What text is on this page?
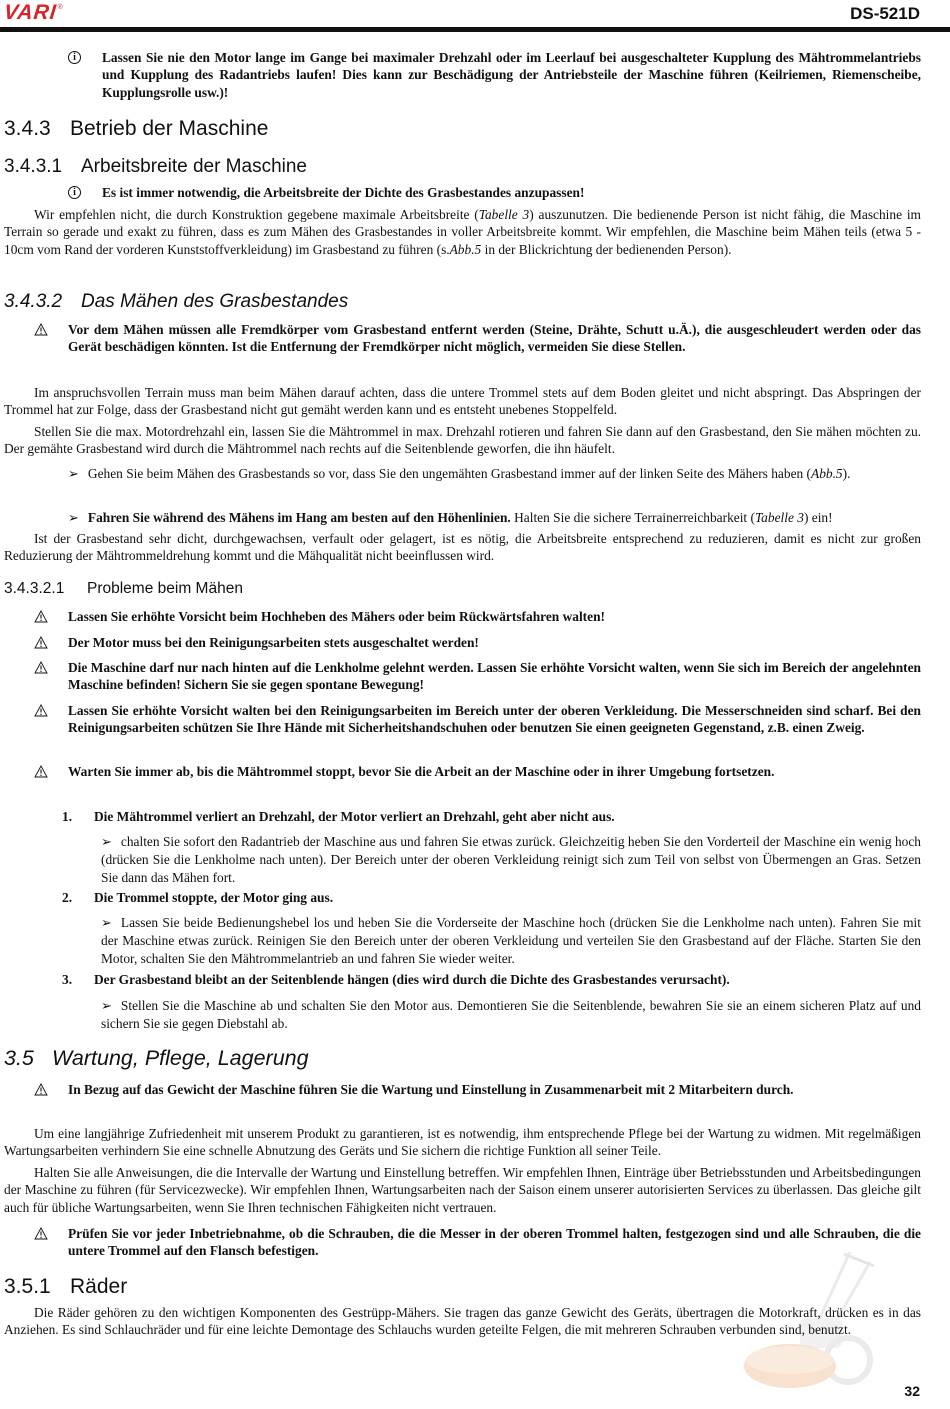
VARI ®	DS-521D
i	Lassen Sie nie den Motor lange im Gange bei maximaler Drehzahl oder im Leerlauf bei ausgeschalteter Kupplung des Mähtrommelantriebs und Kupplung des Radantriebs laufen! Dies kann zur Beschädigung der Antriebsteile der Maschine führen (Keilriemen, Riemenscheibe, Kupplungsrolle usw.)!
3.4.3 Betrieb der Maschine
3.4.3.1 Arbeitsbreite der Maschine
i	Es ist immer notwendig, die Arbeitsbreite der Dichte des Grasbestandes anzupassen!
Wir empfehlen nicht, die durch Konstruktion gegebene maximale Arbeitsbreite (Tabelle 3) auszunutzen. Die bedienende Person ist nicht fähig, die Maschine im Terrain so gerade und exakt zu führen, dass es zum Mähen des Grasbestandes in voller Arbeitsbreite kommt. Wir empfehlen, die Maschine beim Mähen teils (etwa 5 - 10cm vom Rand der vorderen Kunststoffverkleidung) im Grasbestand zu führen (s.Abb.5 in der Blickrichtung der bedienenden Person).
3.4.3.2 Das Mähen des Grasbestandes
Vor dem Mähen müssen alle Fremdkörper vom Grasbestand entfernt werden (Steine, Drähte, Schutt u.Ä.), die ausgeschleudert werden oder das Gerät beschädigen könnten. Ist die Entfernung der Fremdkörper nicht möglich, vermeiden Sie diese Stellen.
Im anspruchsvollen Terrain muss man beim Mähen darauf achten, dass die untere Trommel stets auf dem Boden gleitet und nicht abspringt. Das Abspringen der Trommel hat zur Folge, dass der Grasbestand nicht gut gemäht werden kann und es entsteht unebenes Stoppelfeld.
Stellen Sie die max. Motordrehzahl ein, lassen Sie die Mähtrommel in max. Drehzahl rotieren und fahren Sie dann auf den Grasbestand, den Sie mähen möchten zu. Der gemähte Grasbestand wird durch die Mähtrommel nach rechts auf die Seitenblende geworfen, die ihn häufelt.
➢ Gehen Sie beim Mähen des Grasbestands so vor, dass Sie den ungemähten Grasbestand immer auf der linken Seite des Mähers haben (Abb.5).
➢ Fahren Sie während des Mähens im Hang am besten auf den Höhenlinien. Halten Sie die sichere Terrainerreichbarkeit (Tabelle 3) ein!
Ist der Grasbestand sehr dicht, durchgewachsen, verfault oder gelagert, ist es nötig, die Arbeitsbreite entsprechend zu reduzieren, damit es nicht zur großen Reduzierung der Mähtrommeldrehung kommt und die Mähqualität nicht beeinflussen wird.
3.4.3.2.1 Probleme beim Mähen
Lassen Sie erhöhte Vorsicht beim Hochheben des Mähers oder beim Rückwärtsfahren walten!
Der Motor muss bei den Reinigungsarbeiten stets ausgeschaltet werden!
Die Maschine darf nur nach hinten auf die Lenkholme gelehnt werden. Lassen Sie erhöhte Vorsicht walten, wenn Sie sich im Bereich der angelehnten Maschine befinden! Sichern Sie sie gegen spontane Bewegung!
Lassen Sie erhöhte Vorsicht walten bei den Reinigungsarbeiten im Bereich unter der oberen Verkleidung. Die Messerschneiden sind scharf. Bei den Reinigungsarbeiten schützen Sie Ihre Hände mit Sicherheitshandschuhen oder benutzen Sie einen geeigneten Gegenstand, z.B. einen Zweig.
Warten Sie immer ab, bis die Mähtrommel stoppt, bevor Sie die Arbeit an der Maschine oder in ihrer Umgebung fortsetzen.
1.	Die Mähtrommel verliert an Drehzahl, der Motor verliert an Drehzahl, geht aber nicht aus.
➢ chalten Sie sofort den Radantrieb der Maschine aus und fahren Sie etwas zurück. Gleichzeitig heben Sie den Vorderteil der Maschine ein wenig hoch (drücken Sie die Lenkholme nach unten). Der Bereich unter der oberen Verkleidung reinigt sich zum Teil von selbst von Übermengen an Gras. Setzen Sie dann das Mähen fort.
2.	Die Trommel stoppte, der Motor ging aus.
➢ Lassen Sie beide Bedienungshebel los und heben Sie die Vorderseite der Maschine hoch (drücken Sie die Lenkholme nach unten). Fahren Sie mit der Maschine etwas zurück. Reinigen Sie den Bereich unter der oberen Verkleidung und verteilen Sie den Grasbestand auf der Fläche. Starten Sie den Motor, schalten Sie den Mähtrommelantrieb an und fahren Sie wieder weiter.
3.	Der Grasbestand bleibt an der Seitenblende hängen (dies wird durch die Dichte des Grasbestandes verursacht).
➢ Stellen Sie die Maschine ab und schalten Sie den Motor aus. Demontieren Sie die Seitenblende, bewahren Sie sie an einem sicheren Platz auf und sichern Sie sie gegen Diebstahl ab.
3.5 Wartung, Pflege, Lagerung
In Bezug auf das Gewicht der Maschine führen Sie die Wartung und Einstellung in Zusammenarbeit mit 2 Mitarbeitern durch.
Um eine langjährige Zufriedenheit mit unserem Produkt zu garantieren, ist es notwendig, ihm entsprechende Pflege bei der Wartung zu widmen. Mit regelmäßigen Wartungsarbeiten verhindern Sie eine schnelle Abnutzung des Geräts und Sie sichern die richtige Funktion all seiner Teile.
Halten Sie alle Anweisungen, die die Intervalle der Wartung und Einstellung betreffen. Wir empfehlen Ihnen, Einträge über Betriebsstunden und Arbeitsbedingungen der Maschine zu führen (für Servicezwecke). Wir empfehlen Ihnen, Wartungsarbeiten nach der Saison einem unserer autorisierten Services zu überlassen. Das gleiche gilt auch für übliche Wartungsarbeiten, wenn Sie Ihren technischen Fähigkeiten nicht vertrauen.
Prüfen Sie vor jeder Inbetriebnahme, ob die Schrauben, die die Messer in der oberen Trommel halten, festgezogen sind und alle Schrauben, die die untere Trommel auf den Flansch befestigen.
3.5.1 Räder
Die Räder gehören zu den wichtigen Komponenten des Gestrüpp-Mähers. Sie tragen das ganze Gewicht des Geräts, übertragen die Motorkraft, drücken es in das Anziehen. Es sind Schlauchräder und für eine leichte Demontage des Schlauchs wurden geteilte Felgen, die mit mehreren Schrauben verbunden sind, benutzt.
32
